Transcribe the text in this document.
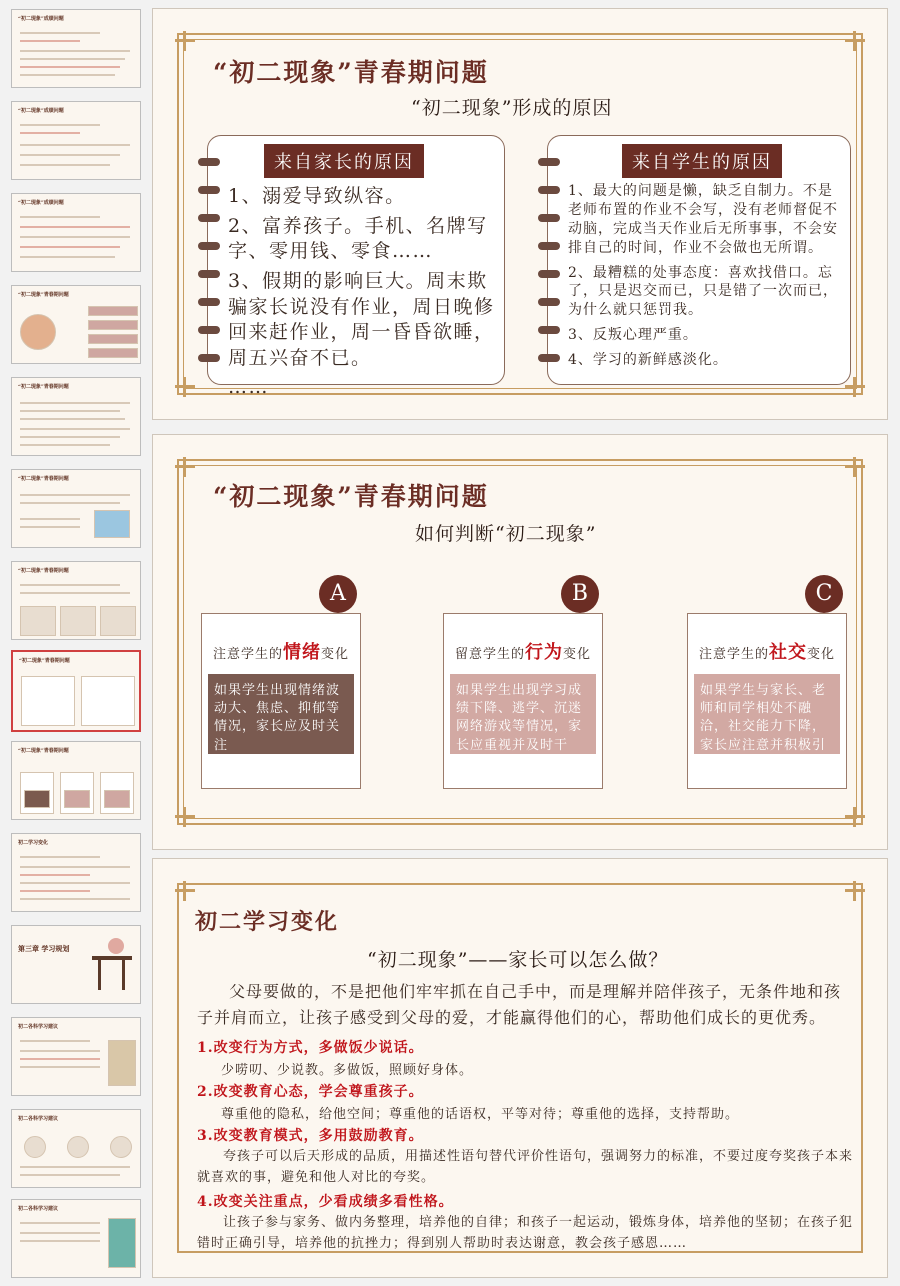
“初二现象”成绩问题
“初二现象”成绩问题
“初二现象”成绩问题
“初二现象”青春期问题
“初二现象”青春期问题
“初二现象”青春期问题
“初二现象”青春期问题
“初二现象”青春期问题
“初二现象”青春期问题
初二学习变化
第三章 学习规划
初二各科学习建议
初二各科学习建议
初二各科学习建议
“初二现象”青春期问题
“初二现象”形成的原因
来自家长的原因

1、溺爱导致纵容。

2、富养孩子。手机、名牌写字、零用钱、零食……

3、假期的影响巨大。周末欺骗家长说没有作业，周日晚修回来赶作业，周一昏昏欲睡，周五兴奋不已。

……

来自学生的原因

1、最大的问题是懒，缺乏自制力。不是老师布置的作业不会写，没有老师督促不动脑，完成当天作业后无所事事，不会安排自己的时间，作业不会做也无所谓。

2、最糟糕的处事态度：喜欢找借口。忘了，只是迟交而已，只是错了一次而已，为什么就只惩罚我。

3、反叛心理严重。

4、学习的新鲜感淡化。

“初二现象”青春期问题
如何判断“初二现象”
A
注意学生的情绪变化
如果学生出现情绪波动大、焦虑、抑郁等情况，家长应及时关注
B
留意学生的行为变化
如果学生出现学习成绩下降、逃学、沉迷网络游戏等情况，家长应重视并及时干预。
C
注意学生的社交变化
如果学生与家长、老师和同学相处不融洽，社交能力下降，家长应注意并积极引导。
初二学习变化
“初二现象”——家长可以怎么做？
父母要做的，不是把他们牢牢抓在自己手中，而是理解并陪伴孩子，无条件地和孩子并肩而立，让孩子感受到父母的爱，才能赢得他们的心，帮助他们成长的更优秀。
1.改变行为方式，多做饭少说话。
少唠叨、少说教。多做饭，照顾好身体。
2.改变教育心态，学会尊重孩子。
尊重他的隐私，给他空间；尊重他的话语权，平等对待；尊重他的选择，支持帮助。
3.改变教育模式，多用鼓励教育。
夸孩子可以后天形成的品质，用描述性语句替代评价性语句，强调努力的标准，不要过度夸奖孩子本来就喜欢的事，避免和他人对比的夸奖。
4.改变关注重点，少看成绩多看性格。
让孩子参与家务、做内务整理，培养他的自律；和孩子一起运动，锻炼身体，培养他的坚韧；在孩子犯错时正确引导，培养他的抗挫力；得到别人帮助时表达谢意，教会孩子感恩……
